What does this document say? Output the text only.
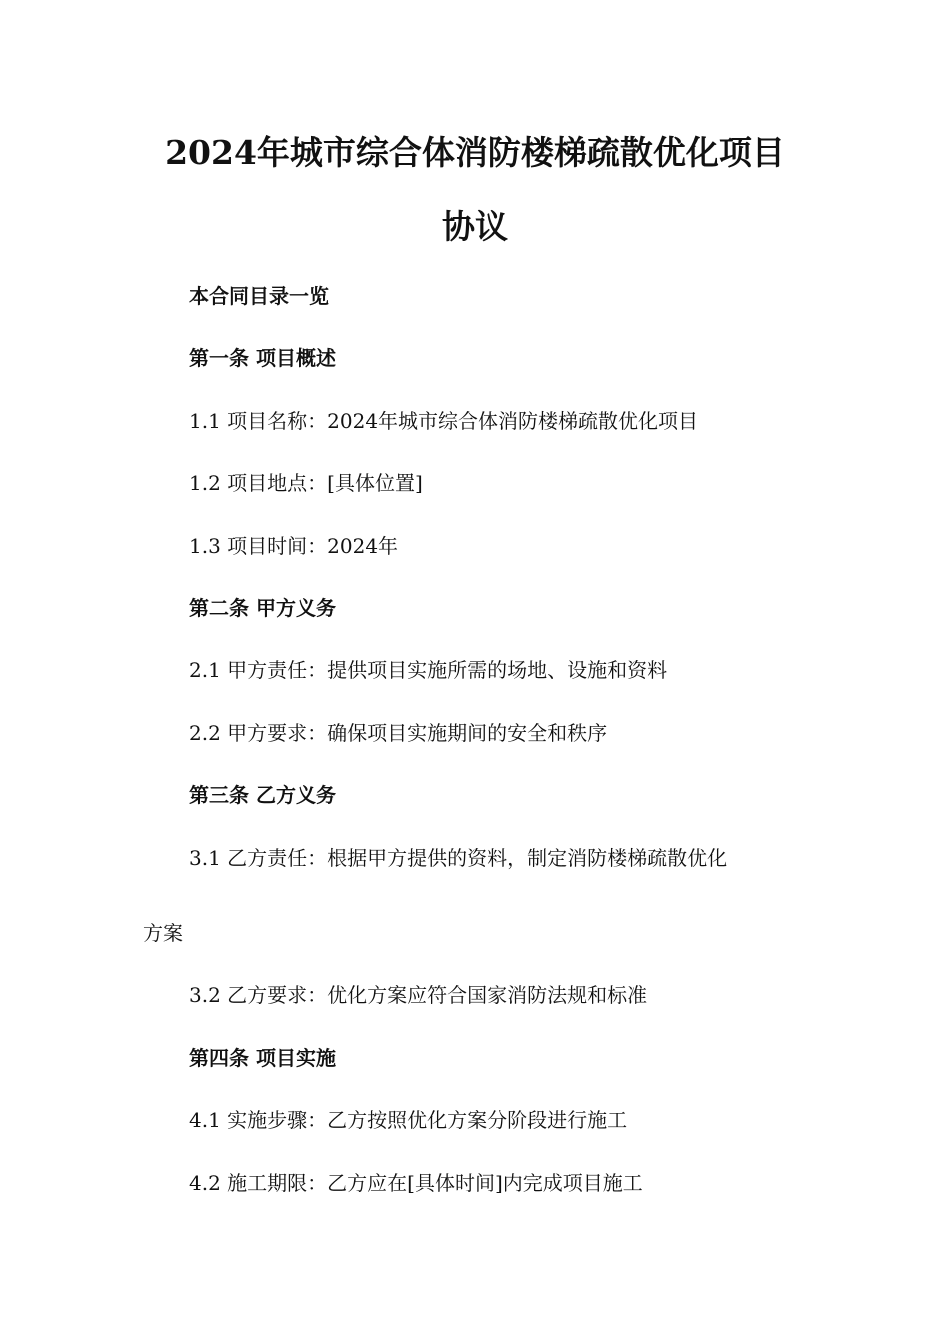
2024年城市综合体消防楼梯疏散优化项目
协议
本合同目录一览
第一条 项目概述
1.1 项目名称：2024年城市综合体消防楼梯疏散优化项目
1.2 项目地点：[具体位置]
1.3 项目时间：2024年
第二条 甲方义务
2.1 甲方责任：提供项目实施所需的场地、设施和资料
2.2 甲方要求：确保项目实施期间的安全和秩序
第三条 乙方义务
3.1 乙方责任：根据甲方提供的资料，制定消防楼梯疏散优化
方案
3.2 乙方要求：优化方案应符合国家消防法规和标准
第四条 项目实施
4.1 实施步骤：乙方按照优化方案分阶段进行施工
4.2 施工期限：乙方应在[具体时间]内完成项目施工
